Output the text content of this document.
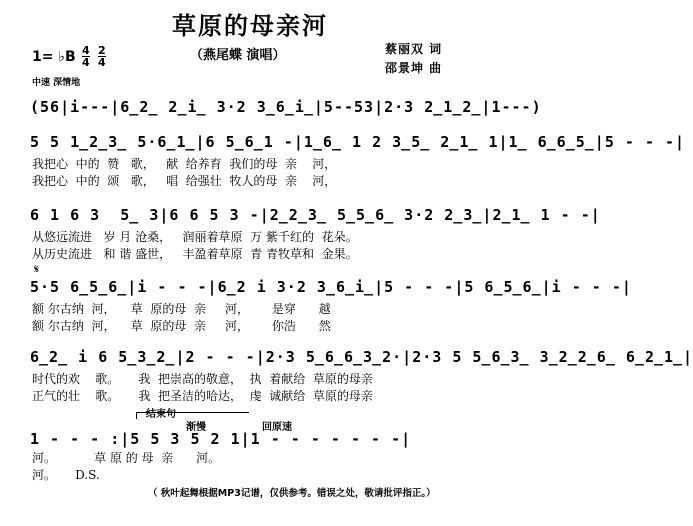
草原的母亲河
（燕尾蝶 演唱）	蔡丽双 词
邵景坤 曲
1= ♭B $\frac{4}{4} \frac{2}{4}$
中速 深情地
(56|i---|6̲2̲ 2̲i̲ 3·2 3̲6̲i̲|5--53|2·3 2̲1̲2̲|1---)
5 5 1̲2̲3̲ 5·6̲1̲|6 5̲6̲1 -|1̲6̲ 1 2 3̲5̲ 2̲1̲ 1|1̲ 6̲6̲5̲|5 - - -|
我把心  中的  赞   歌，   献  给养育  我们的母  亲    河，
我把心  中的  颂   歌，   唱  给强壮  牧人的母  亲    河，
6 1 6 3  5̲ 3|6 6 5 3 -|2̲2̲3̲ 5̲5̲6̲ 3·2 2̲3̲|2̲1̲ 1 - -|
从悠远流进   岁 月 沧桑，   润丽着草原  万 紫千红的  花朵。
从历史流进   和 谐 盛世，   丰盈着草原  青 青牧草和  金果。
𝄋
5·5 6̲5̲6̲|i - - -|6̲2 i 3·2 3̲6̲i̲|5 - - -|5 6̲5̲6̲|i - - -|
额 尔古纳  河，    草  原的母  亲     河，      是穿      越
额 尔古纳  河，    草  原的母  亲     河，      你浩      然
6̲2̲ i 6 5̲3̲2̲|2 - - -|2·3 5̲6̲6̲3̲2·|2·3 5 5̲6̲3̲ 3̲2̲2̲6̲ 6̲2̲1̲|
时代的欢    歌。     我  把崇高的敬意，  执  着献给  草原的母亲
正气的壮    歌。     我  把圣洁的哈达，  虔  诚献给  草原的母亲
结束句
渐慢	回原速
1 - - - :|5 5 3 5 2 1|1 - - - - - - -|
河。          草 原 的 母  亲      河。
河。     D.S.
（ 秋叶起舞根据MP3记谱，仅供参考。错误之处，敬请批评指正。）
